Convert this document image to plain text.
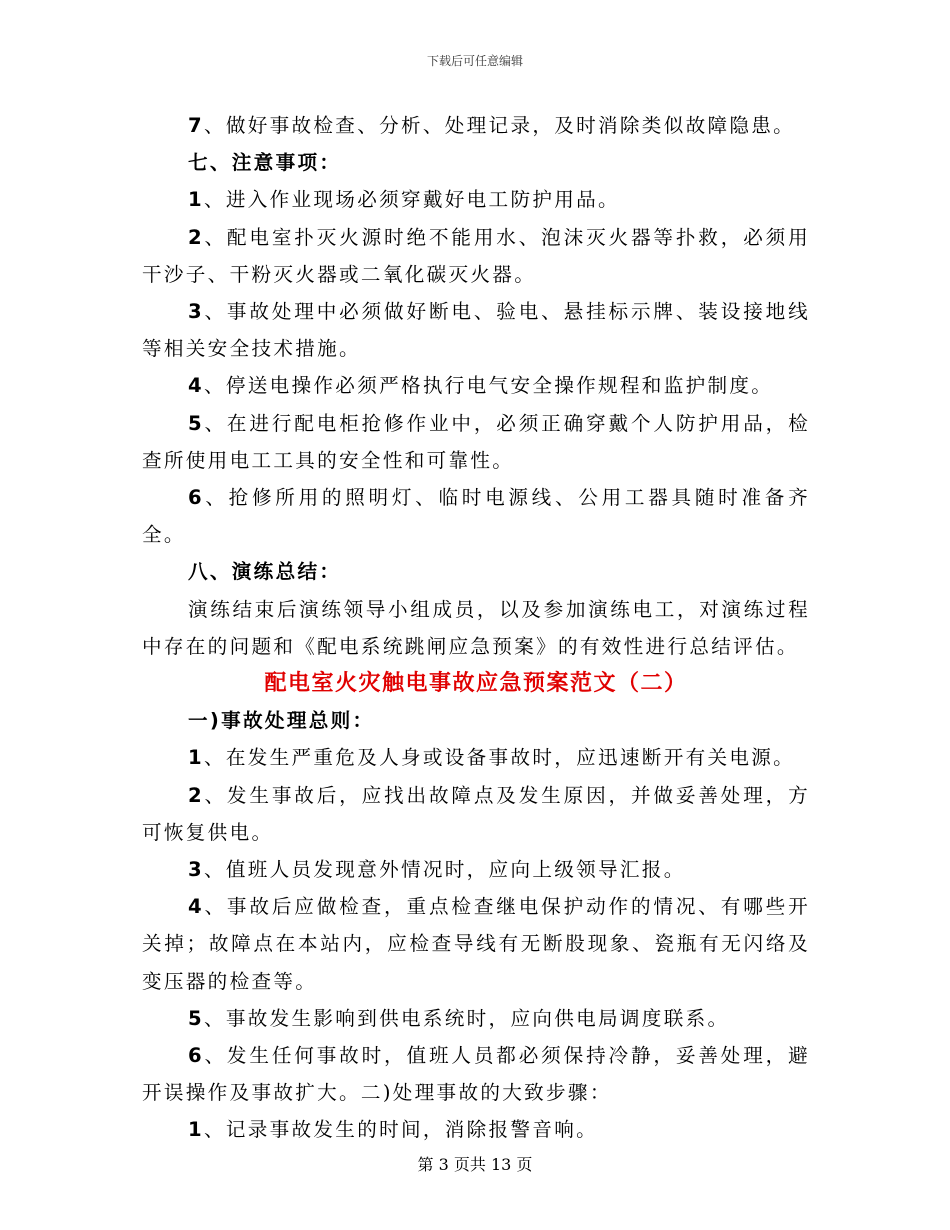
下载后可任意编辑

7、做好事故检查、分析、处理记录，及时消除类似故障隐患。

七、注意事项：

1、进入作业现场必须穿戴好电工防护用品。

2、配电室扑灭火源时绝不能用水、泡沫灭火器等扑救，必须用干沙子、干粉灭火器或二氧化碳灭火器。

3、事故处理中必须做好断电、验电、悬挂标示牌、装设接地线等相关安全技术措施。

4、停送电操作必须严格执行电气安全操作规程和监护制度。

5、在进行配电柜抢修作业中，必须正确穿戴个人防护用品，检查所使用电工工具的安全性和可靠性。

6、抢修所用的照明灯、临时电源线、公用工器具随时准备齐全。

八、演练总结：

演练结束后演练领导小组成员，以及参加演练电工，对演练过程中存在的问题和《配电系统跳闸应急预案》的有效性进行总结评估。

配电室火灾触电事故应急预案范文（二）

一)事故处理总则：

1、在发生严重危及人身或设备事故时，应迅速断开有关电源。

2、发生事故后，应找出故障点及发生原因，并做妥善处理，方可恢复供电。

3、值班人员发现意外情况时，应向上级领导汇报。

4、事故后应做检查，重点检查继电保护动作的情况、有哪些开关掉；故障点在本站内，应检查导线有无断股现象、瓷瓶有无闪络及变压器的检查等。

5、事故发生影响到供电系统时，应向供电局调度联系。

6、发生任何事故时，值班人员都必须保持冷静，妥善处理，避开误操作及事故扩大。二)处理事故的大致步骤：

1、记录事故发生的时间，消除报警音响。

第 3 页共 13 页
